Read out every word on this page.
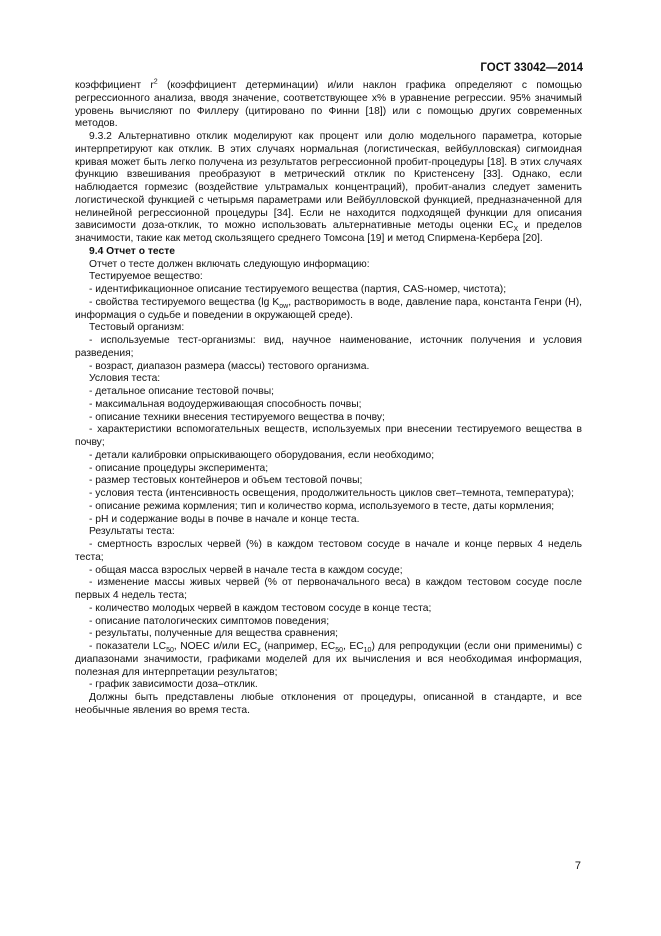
ГОСТ 33042—2014

коэффициент $r^2$ (коэффициент детерминации) и/или наклон графика определяют с помощью регрессионного анализа, вводя значение, соответствующее х% в уравнение регрессии. 95% значимый уровень вычисляют по Филлеру (цитировано по Финни [18]) или с помощью других современных методов.

9.3.2 Альтернативно отклик моделируют как процент или долю модельного параметра, которые интерпретируют как отклик. В этих случаях нормальная (логистическая, вейбулловская) сигмоидная кривая может быть легко получена из результатов регрессионной пробит-процедуры [18]. В этих случаях функцию взвешивания преобразуют в метрический отклик по Кристенсену [33]. Однако, если наблюдается гормезис (воздействие ультрамалых концентраций), пробит-анализ следует заменить логистической функцией с четырьмя параметрами или Вейбулловской функцией, предназначенной для нелинейной регрессионной процедуры [34]. Если не находится подходящей функции для описания зависимости доза-отклик, то можно использовать альтернативные методы оценки $EC_X$ и пределов значимости, такие как метод скользящего среднего Томсона [19] и метод Спирмена-Кербера [20].

9.4 Отчет о тесте

Отчет о тесте должен включать следующую информацию:

Тестируемое вещество:

- идентификационное описание тестируемого вещества (партия, CAS-номер, чистота);

- свойства тестируемого вещества (lg $K_{ow}$, растворимость в воде, давление пара, константа Генри (H), информация о судьбе и поведении в окружающей среде).

Тестовый организм:

- используемые тест-организмы: вид, научное наименование, источник получения и условия разведения;

- возраст, диапазон размера (массы) тестового организма.

Условия теста:

- детальное описание тестовой почвы;

- максимальная водоудерживающая способность почвы;

- описание техники внесения тестируемого вещества в почву;

- характеристики вспомогательных веществ, используемых при внесении тестируемого вещества в почву;

- детали калибровки опрыскивающего оборудования, если необходимо;

- описание процедуры эксперимента;

- размер тестовых контейнеров и объем тестовой почвы;

- условия теста (интенсивность освещения, продолжительность циклов свет–темнота, температура);

- описание режима кормления; тип и количество корма, используемого в тесте, даты кормления;

- pH и содержание воды в почве в начале и конце теста.

Результаты теста:

- смертность взрослых червей (%) в каждом тестовом сосуде в начале и конце первых 4 недель теста;

- общая масса взрослых червей в начале теста в каждом сосуде;

- изменение массы живых червей (% от первоначального веса) в каждом тестовом сосуде после первых 4 недель теста;

- количество молодых червей в каждом тестовом сосуде в конце теста;

- описание патологических симптомов поведения;

- результаты, полученные для вещества сравнения;

- показатели $LC_{50}$, NOEC и/или $EC_x$ (например, $EC_{50}$, $EC_{10}$) для репродукции (если они применимы) с диапазонами значимости, графиками моделей для их вычисления и вся необходимая информация, полезная для интерпретации результатов;

- график зависимости доза–отклик.

Должны быть представлены любые отклонения от процедуры, описанной в стандарте, и все необычные явления во время теста.

7
